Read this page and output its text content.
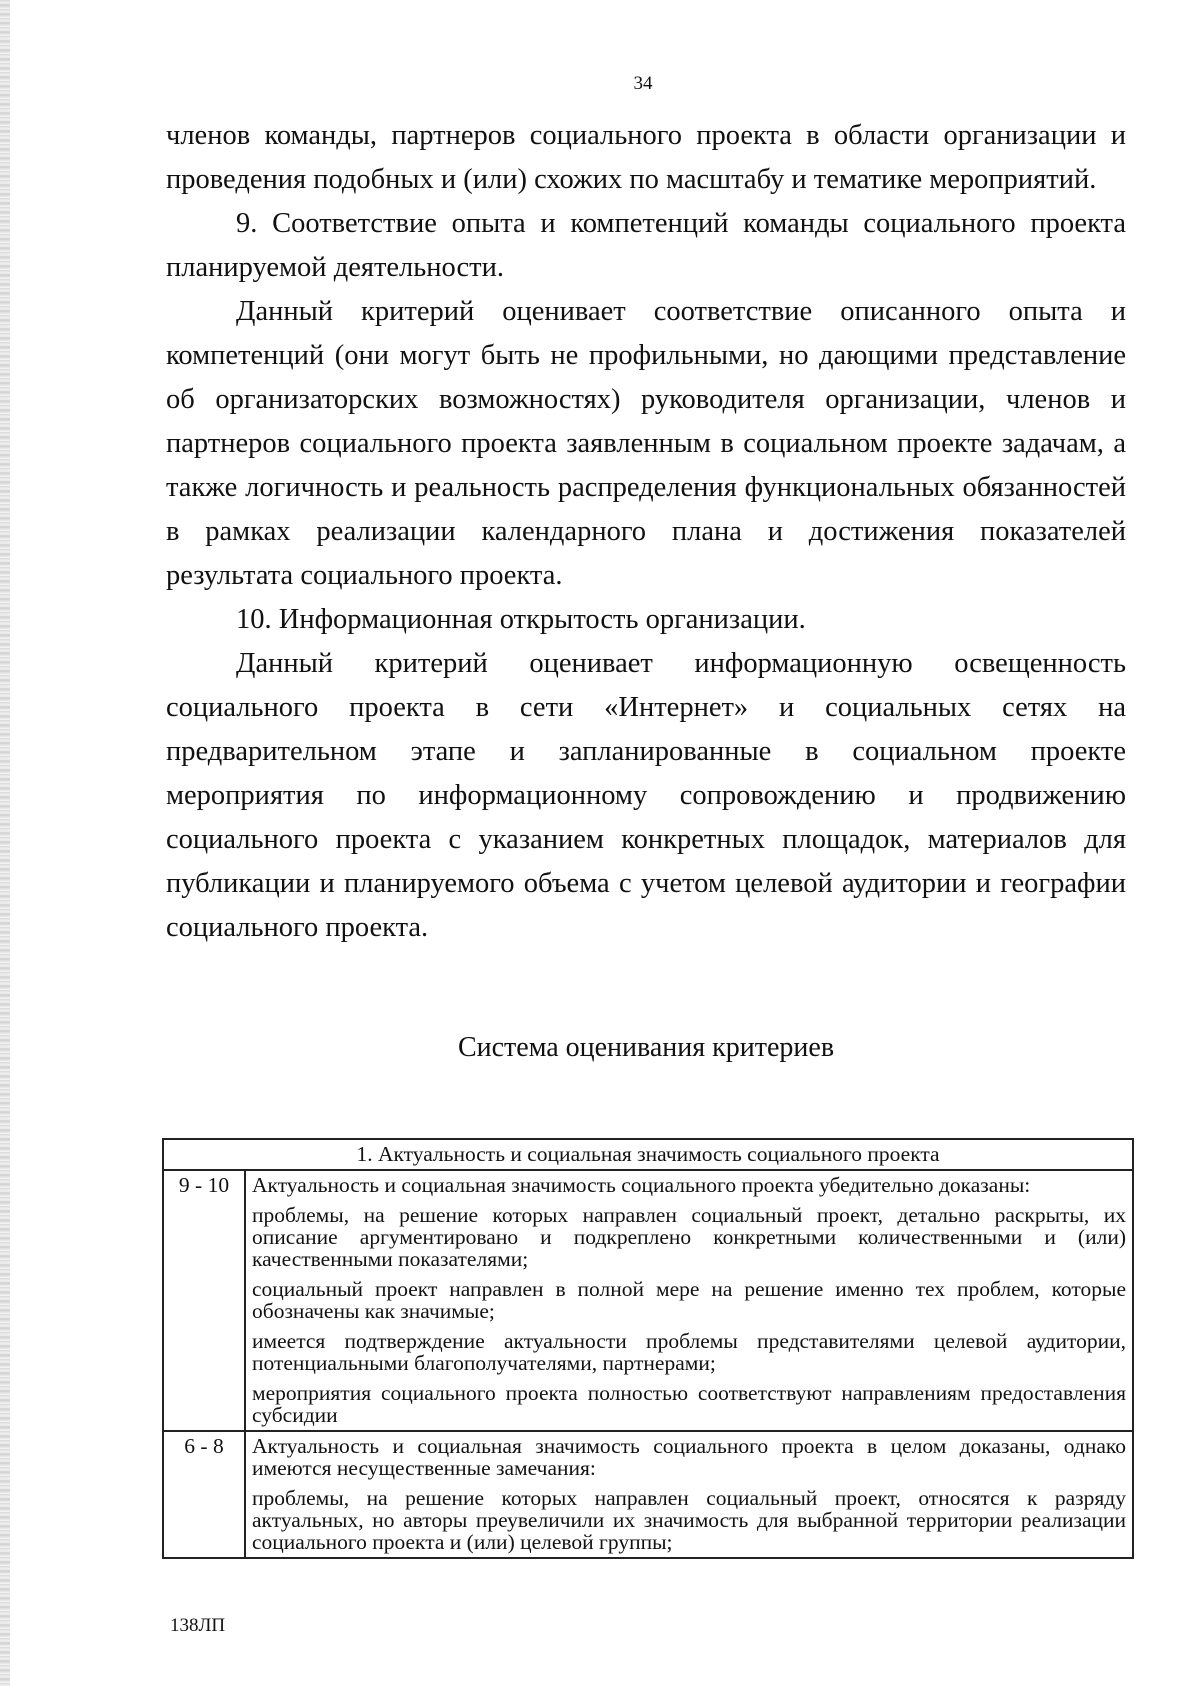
34

членов команды, партнеров социального проекта в области организации и проведения подобных и (или) схожих по масштабу и тематике мероприятий.

9. Соответствие опыта и компетенций команды социального проекта планируемой деятельности.

Данный критерий оценивает соответствие описанного опыта и компетенций (они могут быть не профильными, но дающими представление об организаторских возможностях) руководителя организации, членов и партнеров социального проекта заявленным в социальном проекте задачам, а также логичность и реальность распределения функциональных обязанностей в рамках реализации календарного плана и достижения показателей результата социального проекта.

10. Информационная открытость организации.

Данный критерий оценивает информационную освещенность социального проекта в сети «Интернет» и социальных сетях на предварительном этапе и запланированные в социальном проекте мероприятия по информационному сопровождению и продвижению социального проекта с указанием конкретных площадок, материалов для публикации и планируемого объема с учетом целевой аудитории и географии социального проекта.

Система оценивания критериев

1. Актуальность и социальная значимость социального проекта	
9 - 10	Актуальность и социальная значимость социального проекта убедительно доказаны:

проблемы, на решение которых направлен социальный проект, детально раскрыты, их описание аргументировано и подкреплено конкретными количественными и (или) качественными показателями;

социальный проект направлен в полной мере на решение именно тех проблем, которые обозначены как значимые;

имеется подтверждение актуальности проблемы представителями целевой аудитории, потенциальными благополучателями, партнерами;

мероприятия социального проекта полностью соответствуют направлениям предоставления субсидии

6 - 8	Актуальность и социальная значимость социального проекта в целом доказаны, однако имеются несущественные замечания:

проблемы, на решение которых направлен социальный проект, относятся к разряду актуальных, но авторы преувеличили их значимость для выбранной территории реализации социального проекта и (или) целевой группы;

138ЛП
